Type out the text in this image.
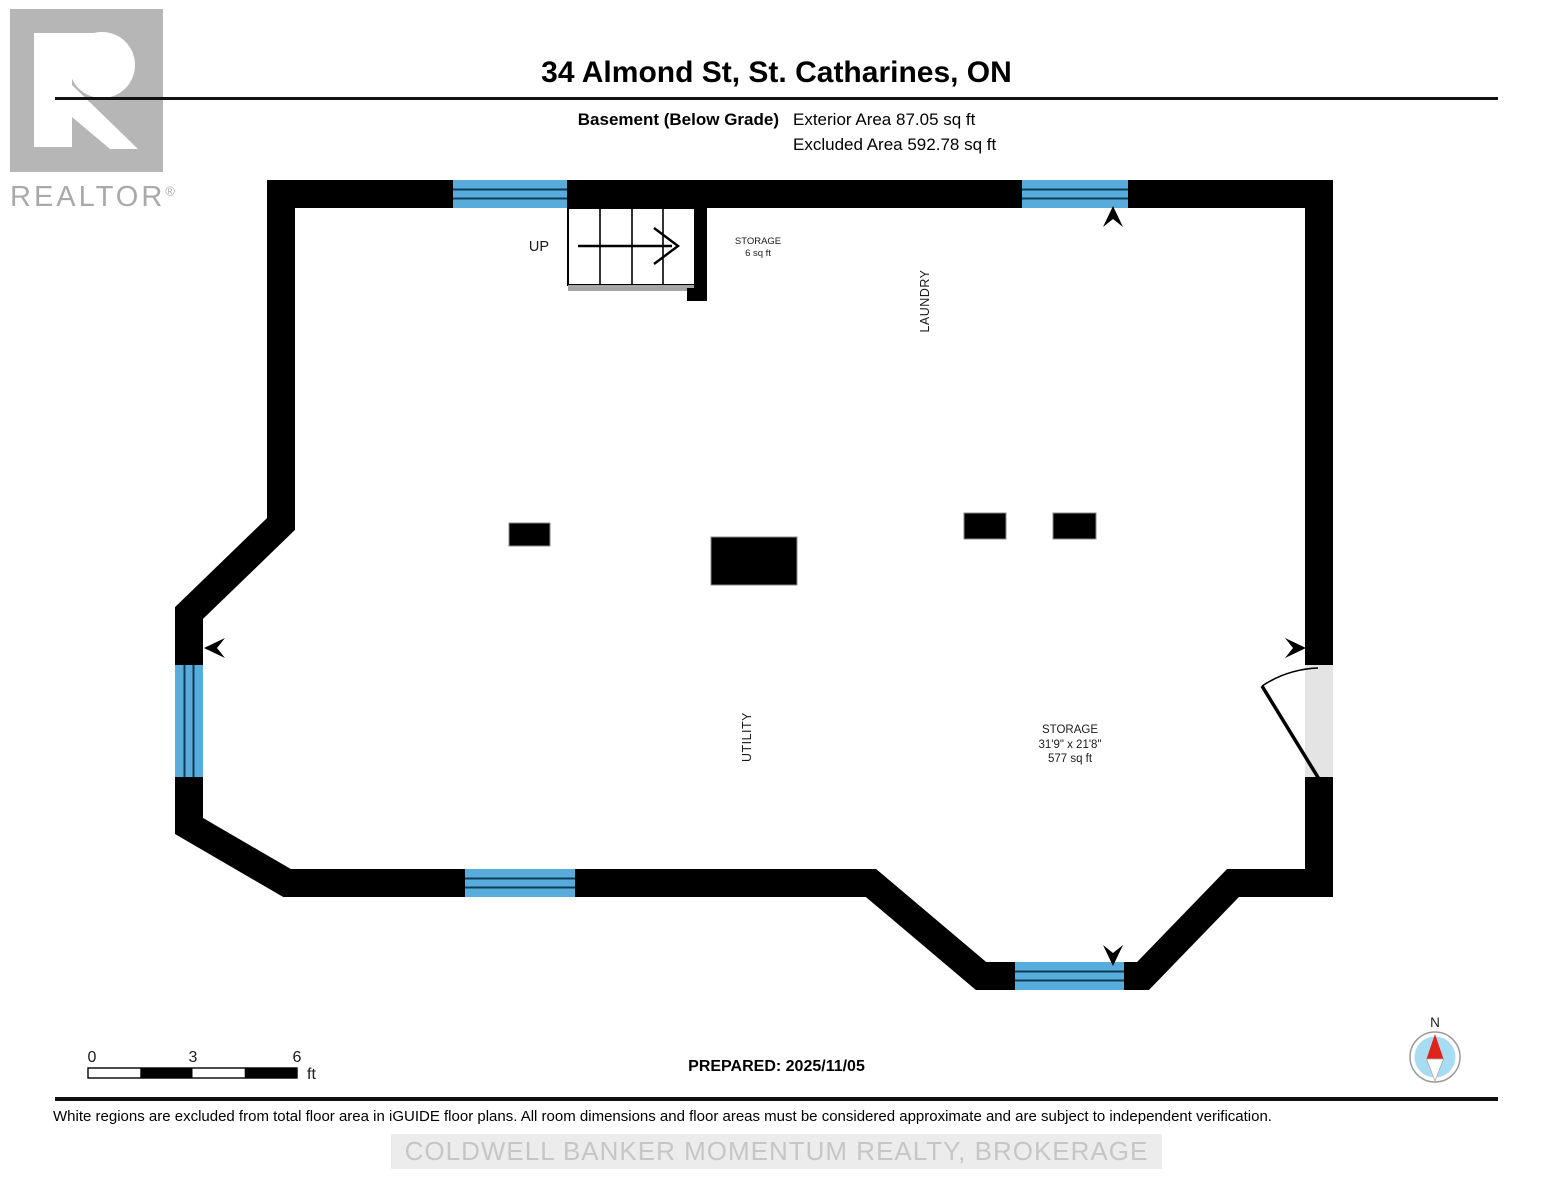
REALTOR®
34 Almond St, St. Catharines, ON
Basement (Below Grade) Exterior Area 87.05 sq ft
Excluded Area 592.78 sq ft
UP	STORAGE
6 sq ft
LAUNDRY
UTILITY	STORAGE
31'9" x 21'8"
577 sq ft
0	3	6
ft
N
PREPARED: 2025/11/05
White regions are excluded from total floor area in iGUIDE floor plans. All room dimensions and floor areas must be considered approximate and are subject to independent verification.
COLDWELL BANKER MOMENTUM REALTY, BROKERAGE
